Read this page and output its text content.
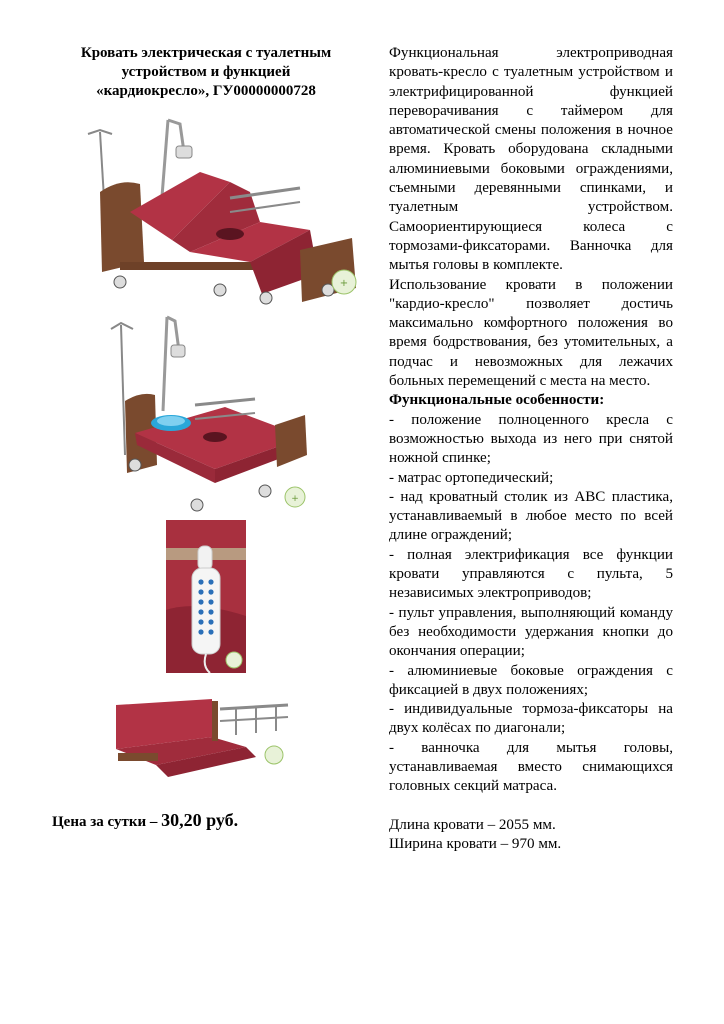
Кровать электрическая с туалетным
устройством и функцией
«кардиокресло», ГУ00000000728
+
+
Цена за сутки – 30,20 руб.

Функциональная электроприводная кровать-кресло с туалетным устройством и электрифицированной функцией переворачивания с таймером для автоматической смены положения в ночное время. Кровать оборудована складными алюминиевыми боковыми ограждениями, съемными деревянными спинками, и туалетным устройством. Самоориентирующиеся колеса с тормозами-фиксаторами. Ванночка для мытья головы в комплекте.

Использование кровати в положении "кардио-кресло" позволяет достичь максимально комфортного положения во время бодрствования, без утомительных, а подчас и невозможных для лежачих больных перемещений с места на место.

Функциональные особенности:

- положение полноценного кресла с возможностью выхода из него при снятой ножной спинке;

- матрас ортопедический;

- над кроватный столик из АВС пластика, устанавливаемый в любое место по всей длине ограждений;

- полная электрификация все функции кровати управляются с пульта, 5 независимых электроприводов;

- пульт управления, выполняющий команду без необходимости удержания кнопки до окончания операции;

- алюминиевые боковые ограждения с фиксацией в двух положениях;

- индивидуальные тормоза-фиксаторы на двух колёсах по диагонали;

- ванночка для мытья головы, устанавливаемая вместо снимающихся головных секций матраса.

Длина кровати – 2055 мм.

Ширина кровати – 970 мм.
